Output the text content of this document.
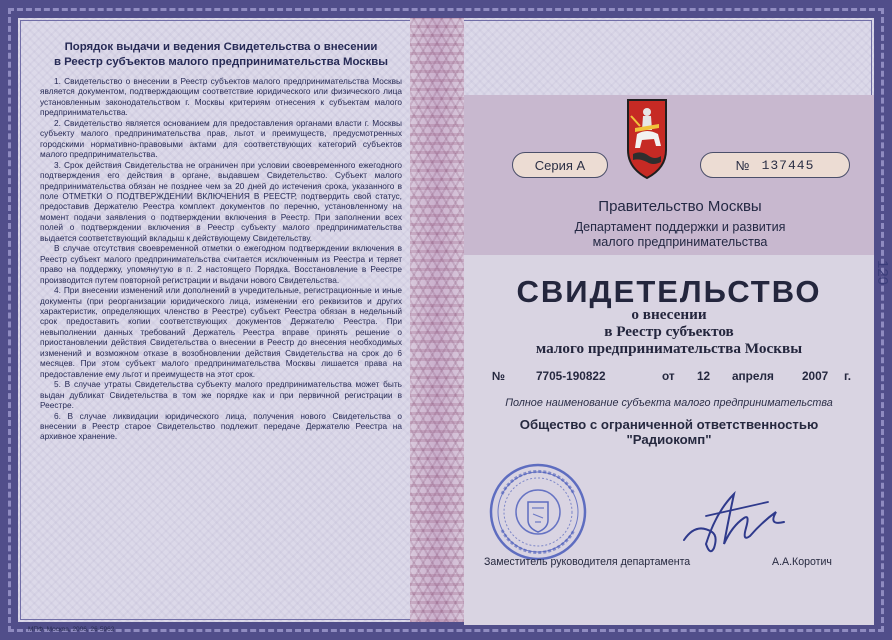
Порядок выдачи и ведения Свидетельства о внесении
в Реестр субъектов малого предпринимательства Москвы

1. Свидетельство о внесении в Реестр субъектов малого предпринимательства Москвы является документом, подтверждающим соответствие юридического или физического лица установленным законодательством г. Москвы критериям отнесения к субъектам малого предпринимательства.

2. Свидетельство является основанием для предоставления органами власти г. Москвы субъекту малого предпринимательства прав, льгот и преимуществ, предусмотренных городскими нормативно-правовыми актами для соответствующих категорий субъектов малого предпринимательства.

3. Срок действия Свидетельства не ограничен при условии своевременного ежегодного подтверждения его действия в органе, выдавшем Свидетельство. Субъект малого предпринимательства обязан не позднее чем за 20 дней до истечения срока, указанного в поле ОТМЕТКИ О ПОДТВЕРЖДЕНИИ ВКЛЮЧЕНИЯ В РЕЕСТР, подтвердить свой статус, предоставив Держателю Реестра комплект документов по перечню, установленному на момент подачи заявления о подтверждении включения в Реестр. При заполнении всех полей о подтверждении включения в Реестр субъекту малого предпринимательства выдается соответствующий вкладыш к действующему Свидетельству.

В случае отсутствия своевременной отметки о ежегодном подтверждении включения в Реестр субъект малого предпринимательства считается исключенным из Реестра и теряет право на поддержку, упомянутую в п. 2 настоящего Порядка. Восстановление в Реестре производится путем повторной регистрации и выдачи нового Свидетельства.

4. При внесении изменений или дополнений в учредительные, регистрационные и иные документы (при реорганизации юридического лица, изменении его реквизитов и других характеристик, определяющих членство в Реестре) субъект Реестра обязан в недельный срок предоставить копии соответствующих документов Держателю Реестра. При невыполнении данных требований Держатель Реестра вправе принять решение о приостановлении действия Свидетельства о внесении в Реестр до внесения необходимых изменений и возможном отказе в возобновлении действия Свидетельства на срок до 6 месяцев. При этом субъект малого предпринимательства Москвы лишается права на предоставление ему льгот и преимуществ на этот срок.

5. В случае утраты Свидетельства субъекту малого предпринимательства может быть выдан дубликат Свидетельства в том же порядке как и при первичной регистрации в Реестре.

6. В случае ликвидации юридического лица, получения нового Свидетельства о внесении в Реестр старое Свидетельство подлежит передаче Держателю Реестра на архивное хранение.

Серия А	№ 137445
Правительство Москвы
Департамент поддержки и развития
малого предпринимательства
СВИДЕТЕЛЬСТВО
о внесении
в Реестр субъектов
малого предпринимательства Москвы
№	7705-190822	от 12 апреля 2007 г.
Полное наименование субъекта малого предпринимательства
Общество с ограниченной ответственностью
"Радиокомп"
Заместитель руководителя департамента	А.А.Коротич
120
МПФ, Москва, 2006, 26-5962
